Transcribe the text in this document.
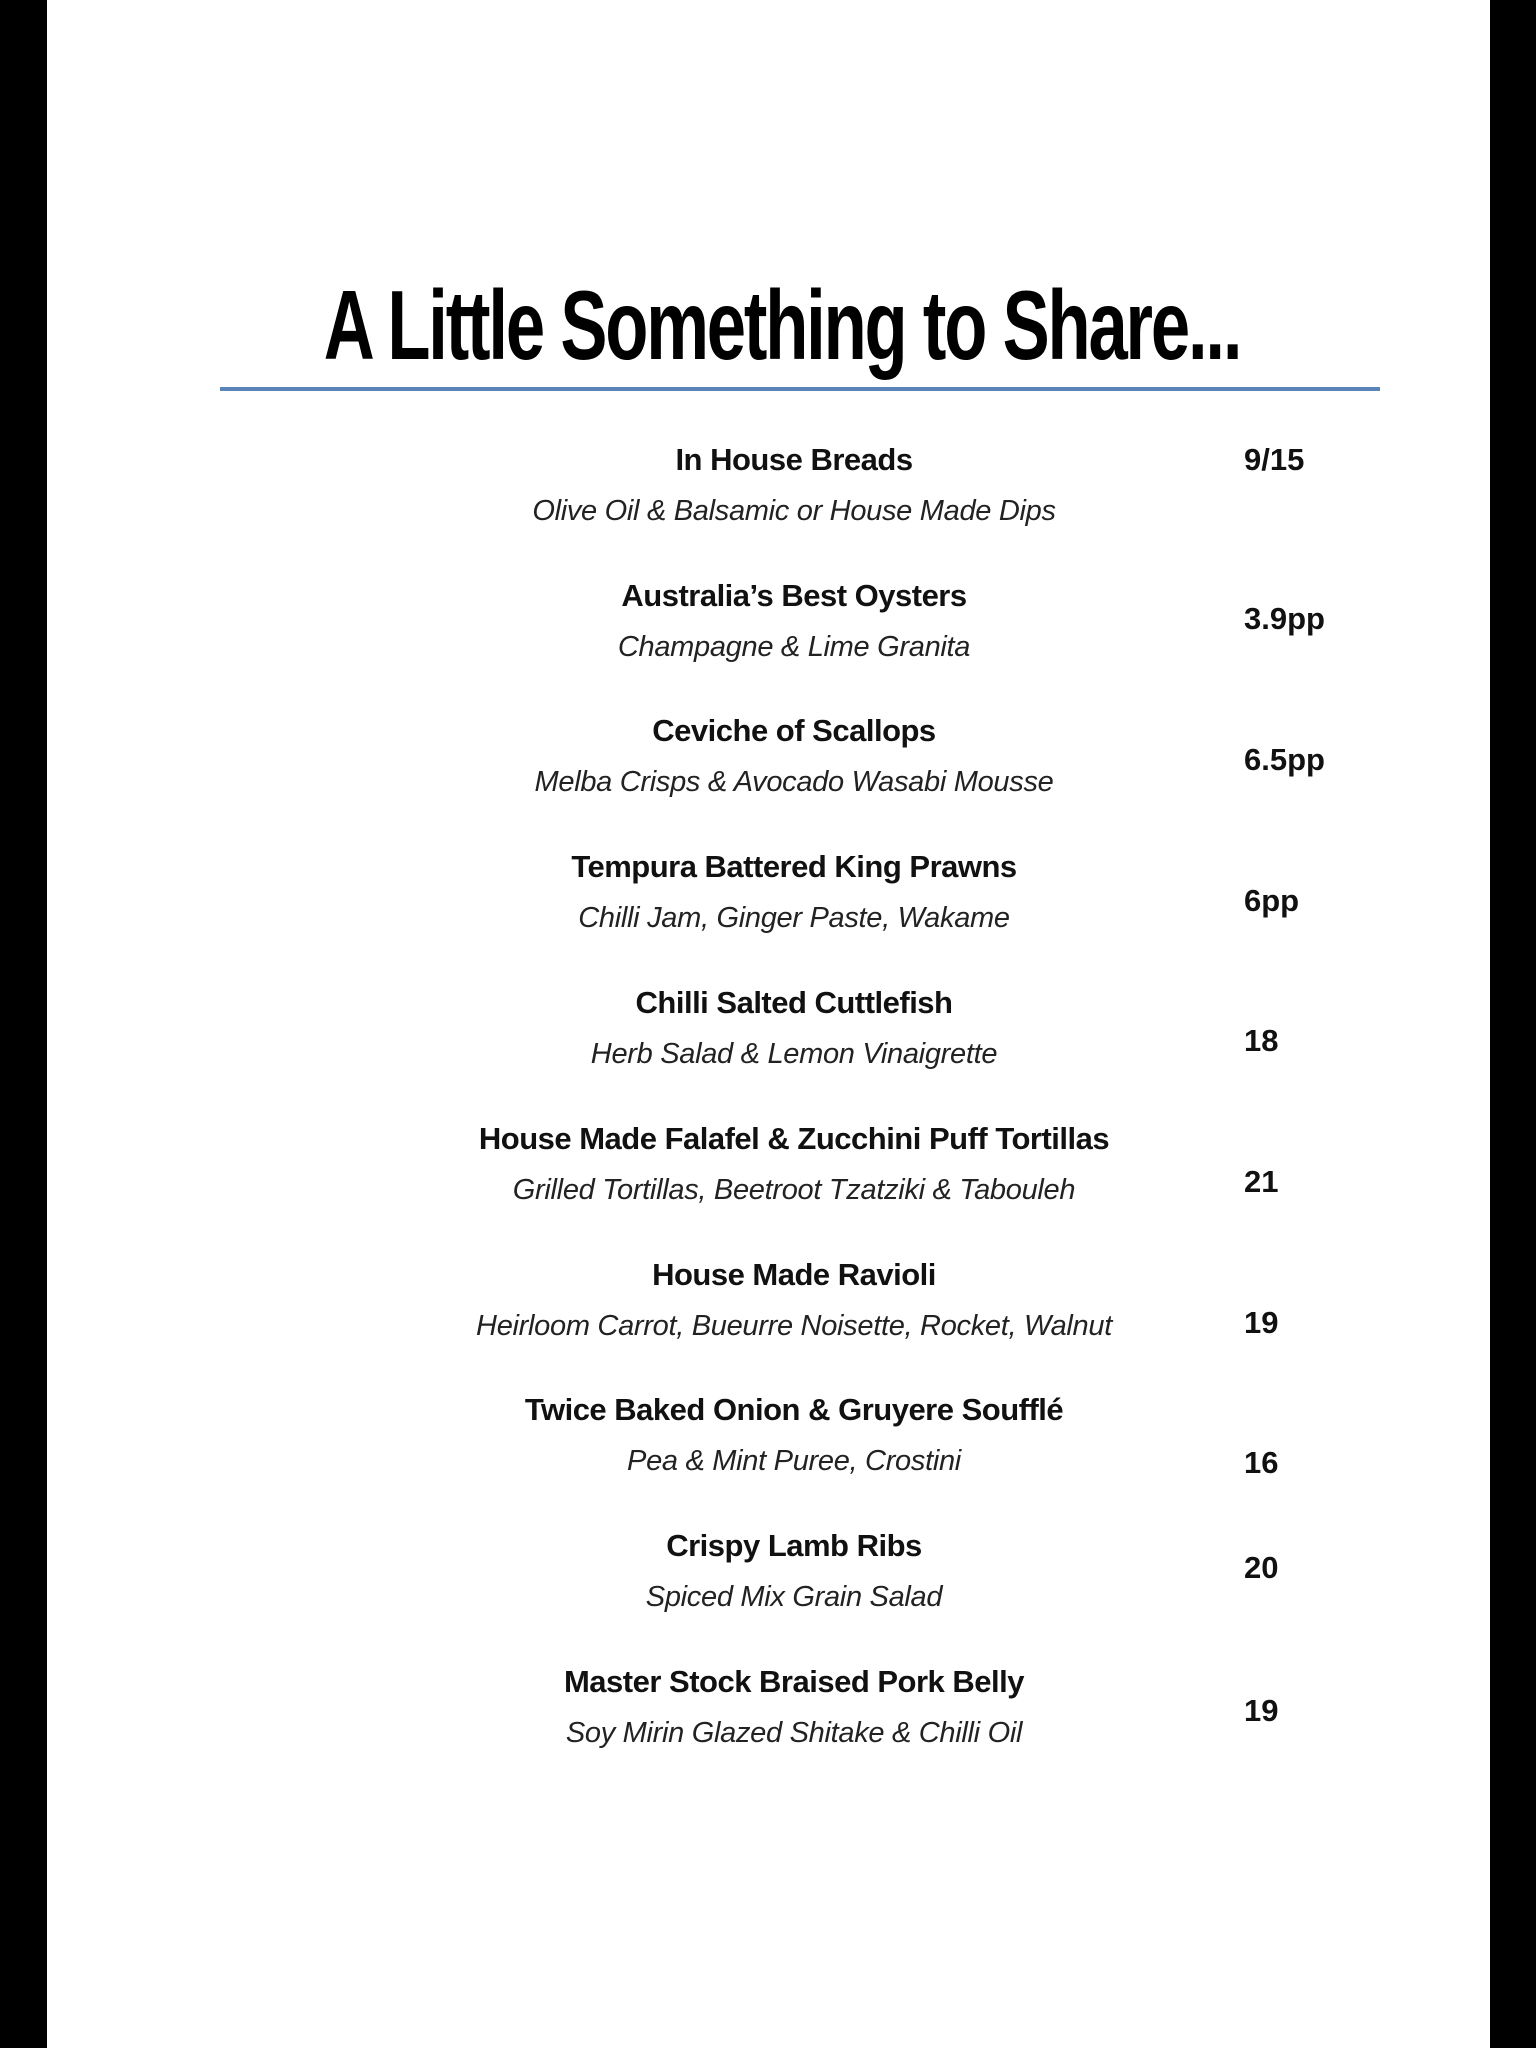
A Little Something to Share...
In House Breads
Olive Oil & Balsamic or House Made Dips
9/15
Australia’s Best Oysters
Champagne & Lime Granita
3.9pp
Ceviche of Scallops
Melba Crisps & Avocado Wasabi Mousse
6.5pp
Tempura Battered King Prawns
Chilli Jam, Ginger Paste, Wakame	6pp
Chilli Salted Cuttlefish
Herb Salad & Lemon Vinaigrette	18
House Made Falafel & Zucchini Puff Tortillas
Grilled Tortillas, Beetroot Tzatziki & Tabouleh	21
House Made Ravioli
Heirloom Carrot, Bueurre Noisette, Rocket, Walnut	19
Twice Baked Onion & Gruyere Soufflé
Pea & Mint Puree, Crostini	16
Crispy Lamb Ribs
Spiced Mix Grain Salad
20
Master Stock Braised Pork Belly
Soy Mirin Glazed Shitake & Chilli Oil
19
